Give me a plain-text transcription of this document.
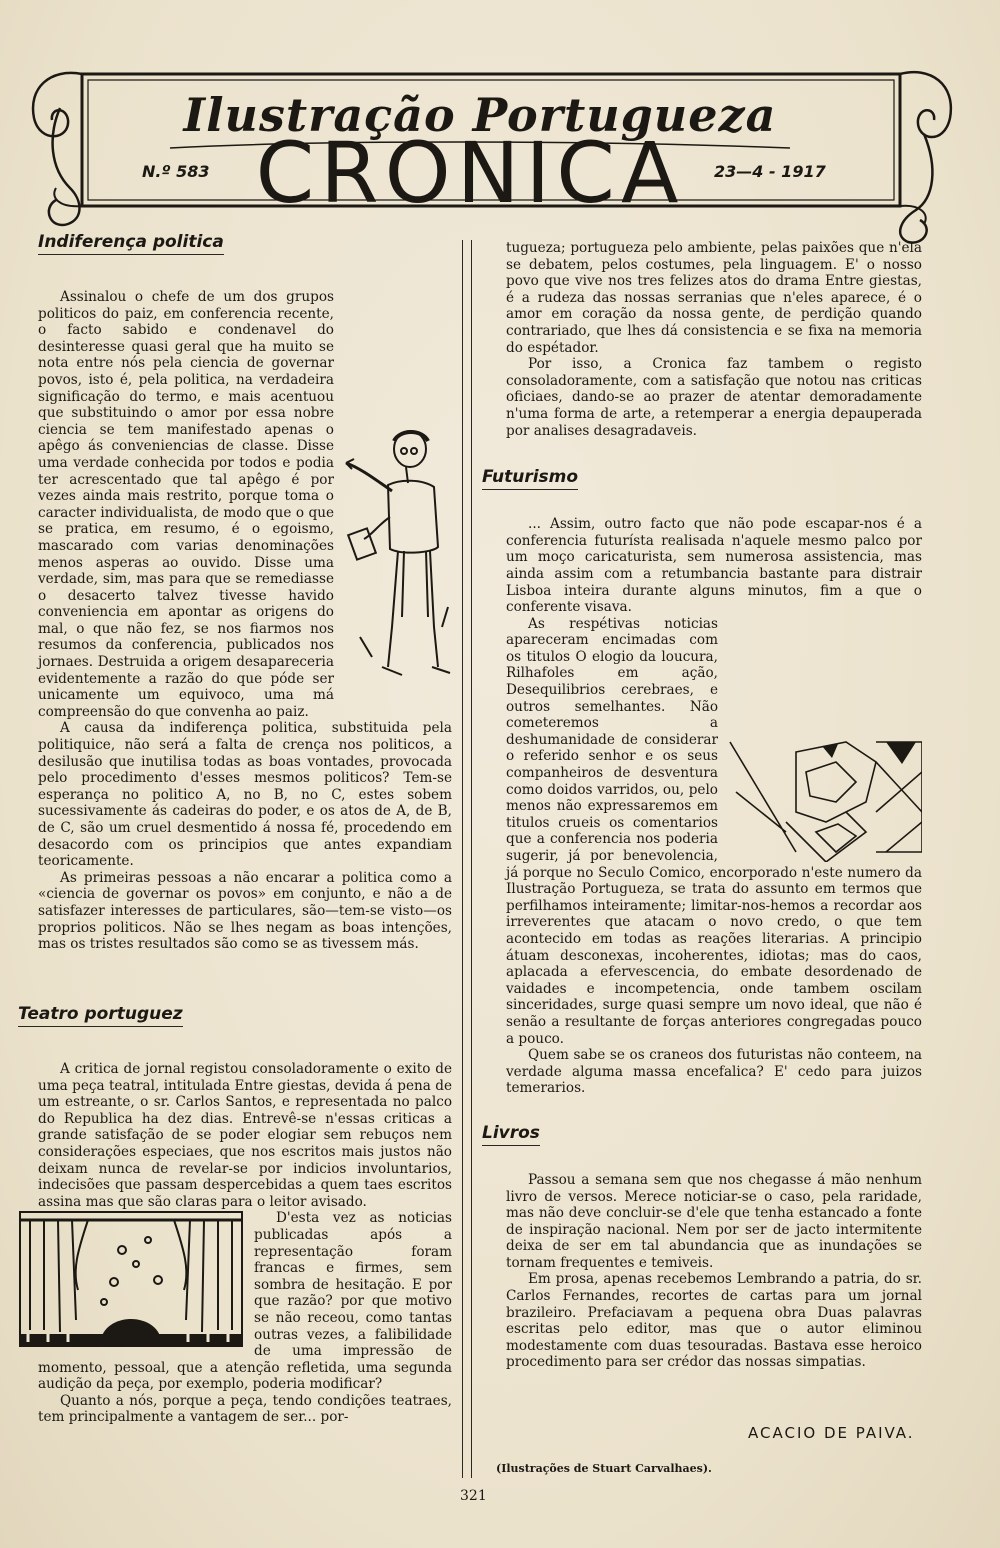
Ilustração Portugueza
N.º 583 CRONICA	23—4 - 1917
Indiferença politica

Assinalou o chefe de um dos grupos politicos do paiz, em conferencia recente, o facto sabido e condenavel do desinteresse quasi geral que ha muito se nota entre nós pela ciencia de governar povos, isto é, pela politica, na verdadeira significação do termo, e mais acentuou que substituindo o amor por essa nobre ciencia se tem manifestado apenas o apêgo ás conveniencias de classe. Disse uma verdade conhecida por todos e podia ter acrescentado que tal apêgo é por vezes ainda mais restrito, porque toma o caracter individualista, de modo que o que se pratica, em resumo, é o egoismo, mascarado com varias denominações menos asperas ao ouvido. Disse uma verdade, sim, mas para que se remediasse o desacerto talvez tivesse havido conveniencia em apontar as origens do mal, o que não fez, se nos fiarmos nos resumos da conferencia, publicados nos jornaes. Destruida a origem desapareceria evidentemente a razão do que póde ser unicamente um equivoco, uma má compreensão do que convenha ao paiz.

A causa da indiferença politica, substituida pela politiquice, não será a falta de crença nos politicos, a desilusão que inutilisa todas as boas vontades, provocada pelo procedimento d'esses mesmos politicos? Tem-se esperança no politico A, no B, no C, estes sobem sucessivamente ás cadeiras do poder, e os atos de A, de B, de C, são um cruel desmentido á nossa fé, procedendo em desacordo com os principios que antes expandiam teoricamente.

As primeiras pessoas a não encarar a politica como a «ciencia de governar os povos» em conjunto, e não a de satisfazer interesses de particulares, são—tem-se visto—os proprios politicos. Não se lhes negam as boas intenções, mas os tristes resultados são como se as tivessem más.

Teatro portuguez

A critica de jornal registou consoladoramente o exito de uma peça teatral, intitulada Entre giestas, devida á pena de um estreante, o sr. Carlos Santos, e representada no palco do Republica ha dez dias. Entrevê-se n'essas criticas a grande satisfação de se poder elogiar sem rebuços nem considerações especiaes, que nos escritos mais justos não deixam nunca de revelar-se por indicios involuntarios, indecisões que passam despercebidas a quem taes escritos assina mas que são claras para o leitor avisado.

D'esta vez as noticias publicadas após a representação foram francas e firmes, sem sombra de hesitação. E por que razão? por que motivo se não receou, como tantas outras vezes, a falibilidade de uma impressão de momento, pessoal, que a atenção refletida, uma segunda audição da peça, por exemplo, poderia modificar?

Quanto a nós, porque a peça, tendo condições teatraes, tem principalmente a vantagem de ser... por-

tugueza; portugueza pelo ambiente, pelas paixões que n'ela se debatem, pelos costumes, pela linguagem. E' o nosso povo que vive nos tres felizes atos do drama Entre giestas, é a rudeza das nossas serranias que n'eles aparece, é o amor em coração da nossa gente, de perdição quando contrariado, que lhes dá consistencia e se fixa na memoria do espétador.

Por isso, a Cronica faz tambem o registo consoladoramente, com a satisfação que notou nas criticas oficiaes, dando-se ao prazer de atentar demoradamente n'uma forma de arte, a retemperar a energia depauperada por analises desagradaveis.

Futurismo

... Assim, outro facto que não pode escapar-nos é a conferencia futurísta realisada n'aquele mesmo palco por um moço caricaturista, sem numerosa assistencia, mas ainda assim com a retumbancia bastante para distrair Lisboa inteira durante alguns minutos, fim a que o conferente visava.

As respétivas noticias apareceram encimadas com os titulos O elogio da loucura, Rilhafoles em ação, Desequilibrios cerebraes, e outros semelhantes. Não cometeremos a deshumanidade de considerar o referido senhor e os seus companheiros de desventura como doidos varridos, ou, pelo menos não expressaremos em titulos crueis os comentarios que a conferencia nos poderia sugerir, já por benevolencia, já porque no Seculo Comico, encorporado n'este numero da Ilustração Portugueza, se trata do assunto em termos que perfilhamos inteiramente; limitar-nos-hemos a recordar aos irreverentes que atacam o novo credo, o que tem acontecido em todas as reações literarias. A principio átuam desconexas, incoherentes, idiotas; mas do caos, aplacada a efervescencia, do embate desordenado de vaidades e incompetencia, onde tambem oscilam sinceridades, surge quasi sempre um novo ideal, que não é senão a resultante de forças anteriores congregadas pouco a pouco.

Quem sabe se os craneos dos futuristas não conteem, na verdade alguma massa encefalica? E' cedo para juizos temerarios.

Livros

Passou a semana sem que nos chegasse á mão nenhum livro de versos. Merece noticiar-se o caso, pela raridade, mas não deve concluir-se d'ele que tenha estancado a fonte de inspiração nacional. Nem por ser de jacto intermitente deixa de ser em tal abundancia que as inundações se tornam frequentes e temiveis.

Em prosa, apenas recebemos Lembrando a patria, do sr. Carlos Fernandes, recortes de cartas para um jornal brazileiro. Prefaciavam a pequena obra Duas palavras escritas pelo editor, mas que o autor eliminou modestamente com duas tesouradas. Bastava esse heroico procedimento para ser crédor das nossas simpatias.

ACACIO DE PAIVA.
(Ilustrações de Stuart Carvalhaes).
321
